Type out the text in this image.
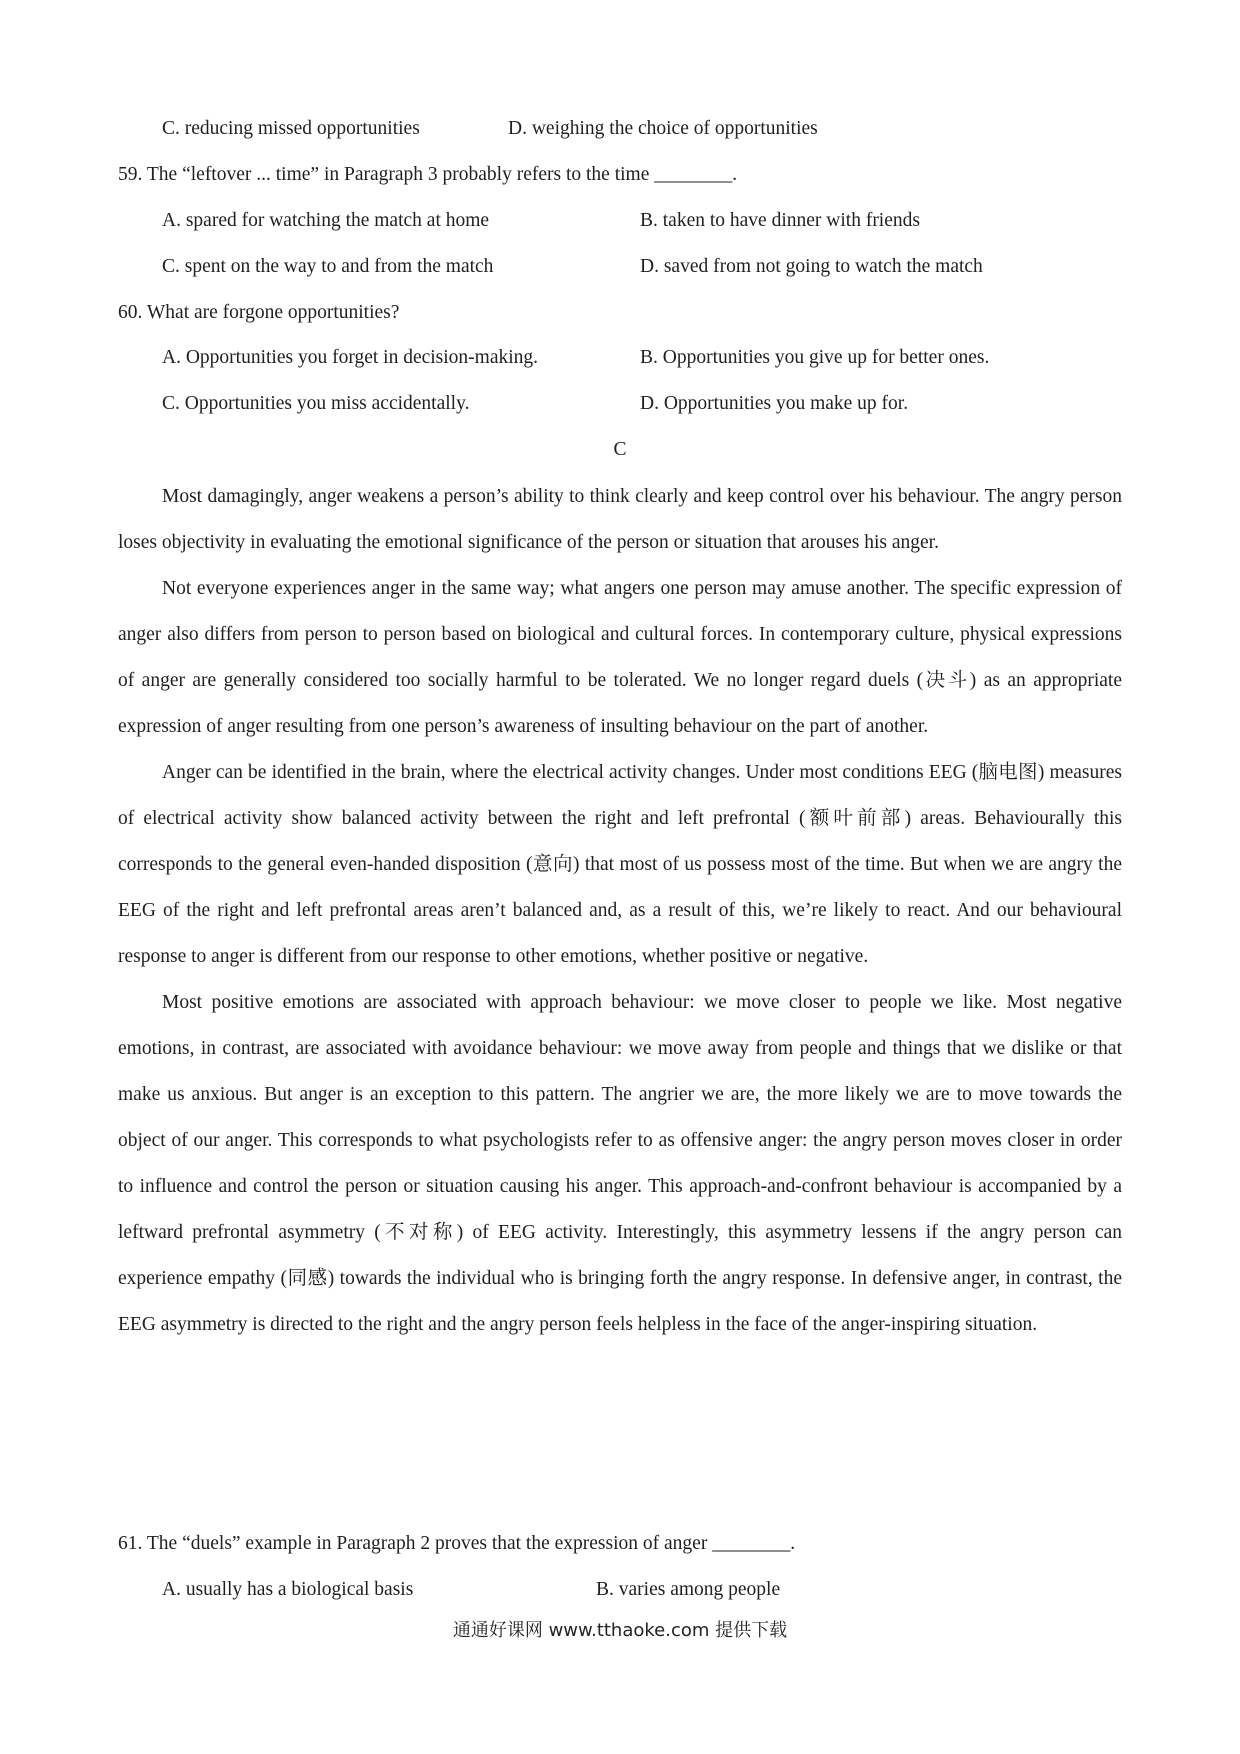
C. reducing missed opportunities	D. weighing the choice of opportunities
59. The “leftover ... time” in Paragraph 3 probably refers to the time ________.
A. spared for watching the match at home	B. taken to have dinner with friends
C. spent on the way to and from the match	D. saved from not going to watch the match
60. What are forgone opportunities?
A. Opportunities you forget in decision-making.	B. Opportunities you give up for better ones.
C. Opportunities you miss accidentally.	D. Opportunities you make up for.
C

Most damagingly, anger weakens a person’s ability to think clearly and keep control over his behaviour. The angry person loses objectivity in evaluating the emotional significance of the person or situation that arouses his anger.

Not everyone experiences anger in the same way; what angers one person may amuse another. The specific expression of anger also differs from person to person based on biological and cultural forces. In contemporary culture, physical expressions of anger are generally considered too socially harmful to be tolerated. We no longer regard duels (决斗) as an appropriate expression of anger resulting from one person’s awareness of insulting behaviour on the part of another.

Anger can be identified in the brain, where the electrical activity changes. Under most conditions EEG (脑电图) measures of electrical activity show balanced activity between the right and left prefrontal (额叶前部) areas. Behaviourally this corresponds to the general even-handed disposition (意向) that most of us possess most of the time. But when we are angry the EEG of the right and left prefrontal areas aren’t balanced and, as a result of this, we’re likely to react. And our behavioural response to anger is different from our response to other emotions, whether positive or negative.

Most positive emotions are associated with approach behaviour: we move closer to people we like. Most negative emotions, in contrast, are associated with avoidance behaviour: we move away from people and things that we dislike or that make us anxious. But anger is an exception to this pattern. The angrier we are, the more likely we are to move towards the object of our anger. This corresponds to what psychologists refer to as offensive anger: the angry person moves closer in order to influence and control the person or situation causing his anger. This approach-and-confront behaviour is accompanied by a leftward prefrontal asymmetry (不对称) of EEG activity. Interestingly, this asymmetry lessens if the angry person can experience empathy (同感) towards the individual who is bringing forth the angry response. In defensive anger, in contrast, the EEG asymmetry is directed to the right and the angry person feels helpless in the face of the anger-inspiring situation.

61. The “duels” example in Paragraph 2 proves that the expression of anger ________.
A. usually has a biological basis	B. varies among people
通通好课网 www.tthaoke.com 提供下载
